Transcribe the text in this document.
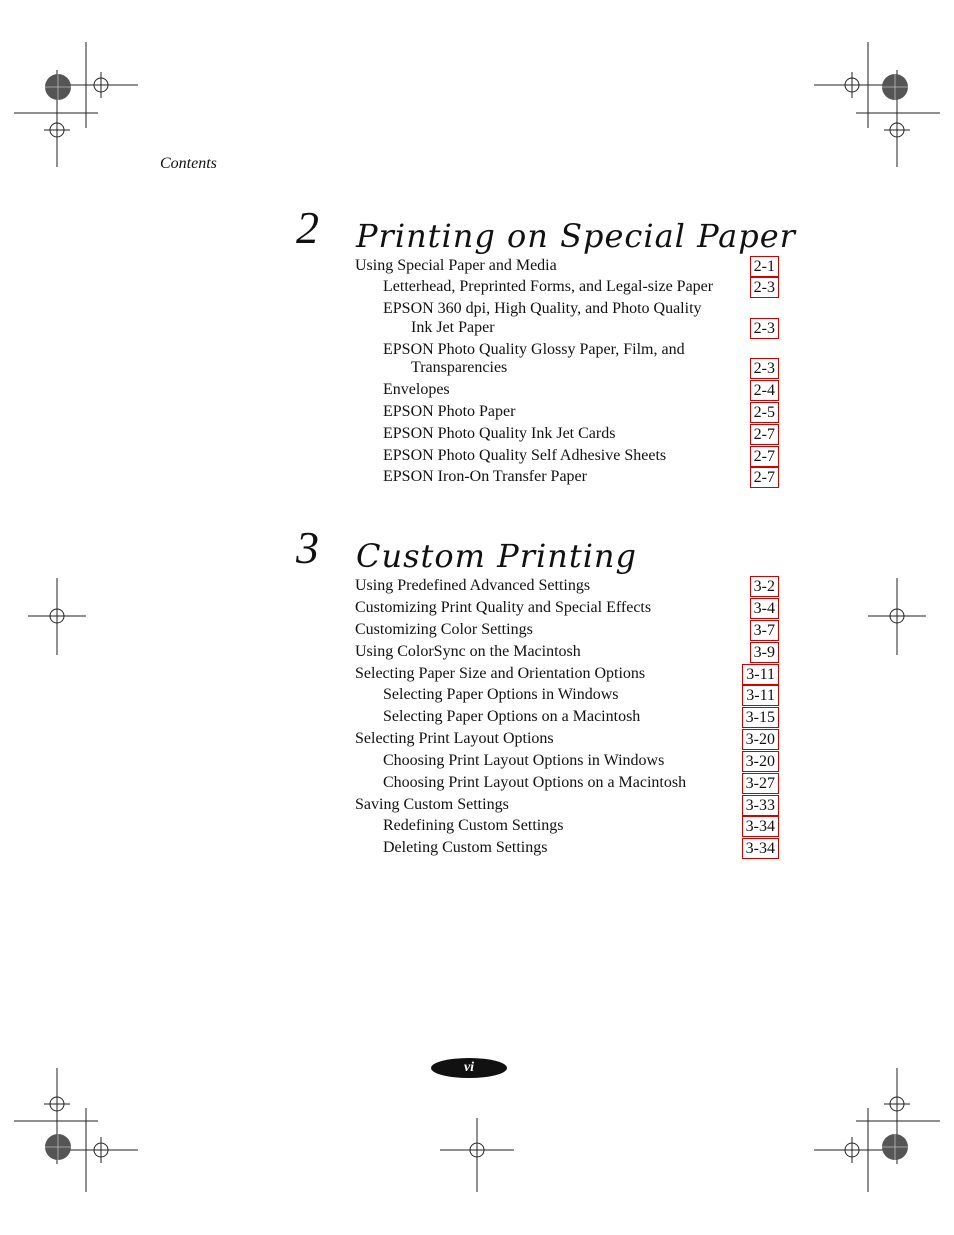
Contents
2 Printing on Special Paper
Using Special Paper and Media	2-1
Letterhead, Preprinted Forms, and Legal-size Paper	2-3
EPSON 360 dpi, High Quality, and Photo Quality
Ink Jet Paper	2-3
EPSON Photo Quality Glossy Paper, Film, and
Transparencies	2-3
Envelopes	2-4
EPSON Photo Paper	2-5
EPSON Photo Quality Ink Jet Cards	2-7
EPSON Photo Quality Self Adhesive Sheets	2-7
EPSON Iron-On Transfer Paper	2-7
3 Custom Printing
Using Predefined Advanced Settings	3-2
Customizing Print Quality and Special Effects	3-4
Customizing Color Settings	3-7
Using ColorSync on the Macintosh	3-9
Selecting Paper Size and Orientation Options	3-11
Selecting Paper Options in Windows	3-11
Selecting Paper Options on a Macintosh	3-15
Selecting Print Layout Options	3-20
Choosing Print Layout Options in Windows	3-20
Choosing Print Layout Options on a Macintosh	3-27
Saving Custom Settings	3-33
Redefining Custom Settings	3-34
Deleting Custom Settings	3-34
vi
